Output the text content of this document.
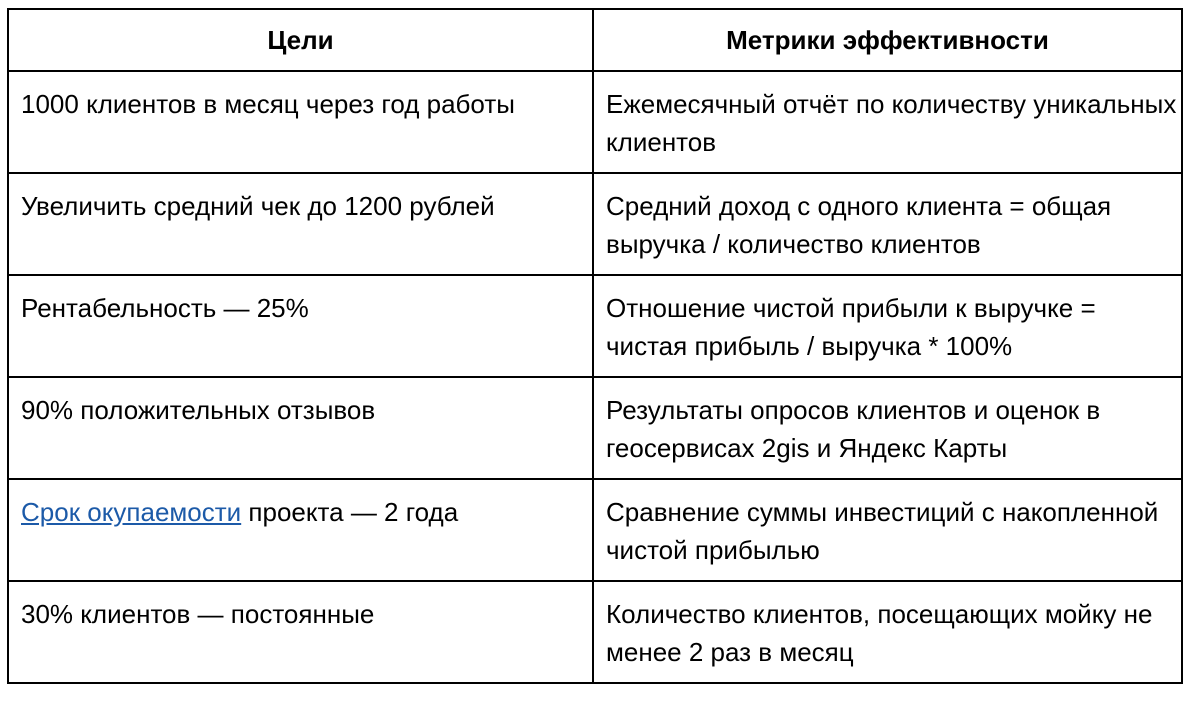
Цели	Метрики эффективности
1000 клиентов в месяц через год работы	Ежемесячный отчёт по количеству уникальных клиентов
Увеличить средний чек до 1200 рублей	Средний доход с одного клиента = общая выручка / количество клиентов
Рентабельность — 25%	Отношение чистой прибыли к выручке = чистая прибыль / выручка * 100%
90% положительных отзывов	Результаты опросов клиентов и оценок в геосервисах 2gis и Яндекс Карты
Срок окупаемости проекта — 2 года	Сравнение суммы инвестиций с накопленной чистой прибылью
30% клиентов — постоянные	Количество клиентов, посещающих мойку не менее 2 раз в месяц
